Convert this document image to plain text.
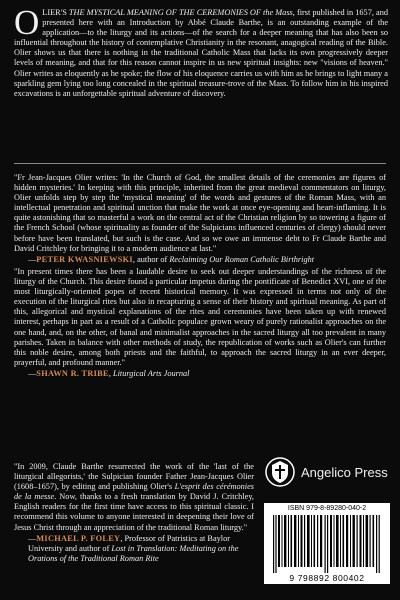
OLIER'S THE MYSTICAL MEANING OF THE CEREMONIES OF the Mass, first published in 1657, and presented here with an Introduction by Abbé Claude Barthe, is an outstanding example of the application—to the liturgy and its actions—of the search for a deeper meaning that has also been so influential throughout the history of contemplative Christianity in the resonant, anagogical reading of the Bible. Olier shows us that there is nothing in the traditional Catholic Mass that lacks its own progressively deeper levels of meaning, and that for this reason cannot inspire in us new spiritual insights: new "visions of heaven." Olier writes as eloquently as he spoke; the flow of his eloquence carries us with him as he brings to light many a sparkling gem lying too long concealed in the spiritual treasure-trove of the Mass. To follow him in his inspired excavations is an unforgettable spiritual adventure of discovery.
"Fr Jean-Jacques Olier writes: 'In the Church of God, the smallest details of the ceremonies are figures of hidden mysteries.' In keeping with this principle, inherited from the great medieval commentators on liturgy, Olier unfolds step by step the 'mystical meaning' of the words and gestures of the Roman Mass, with an intellectual penetration and spiritual unction that make the work at once eye-opening and heart-inflaming. It is quite astonishing that so masterful a work on the central act of the Christian religion by so towering a figure of the French School (whose spirituality as founder of the Sulpicians influenced centuries of clergy) should never before have been translated, but such is the case. And so we owe an immense debt to Fr Claude Barthe and David Critchley for bringing it to a modern audience at last."
—PETER KWASNIEWSKI, author of Reclaiming Our Roman Catholic Birthright
"In present times there has been a laudable desire to seek out deeper understandings of the richness of the liturgy of the Church. This desire found a particular impetus during the pontificate of Benedict XVI, one of the most liturgically-oriented popes of recent historical memory. It was expressed in terms not only of the execution of the liturgical rites but also in recapturing a sense of their history and spiritual meaning. As part of this, allegorical and mystical explanations of the rites and ceremonies have been taken up with renewed interest, perhaps in part as a result of a Catholic populace grown weary of purely rationalist approaches on the one hand, and, on the other, of banal and minimalist approaches in the sacred liturgy all too prevalent in many parishes. Taken in balance with other methods of study, the republication of works such as Olier's can further this noble desire, among both priests and the faithful, to approach the sacred liturgy in an ever deeper, prayerful, and profound manner."
—SHAWN R. TRIBE, Liturgical Arts Journal
"In 2009, Claude Barthe resurrected the work of the 'last of the liturgical allegorists,' the Sulpician founder Father Jean-Jacques Olier (1608–1657), by editing and publishing Olier's L'esprit des cérémonies de la messe. Now, thanks to a fresh translation by David J. Critchley, English readers for the first time have access to this spiritual classic. I recommend this volume to anyone interested in deepening their love of Jesus Christ through an appreciation of the traditional Roman liturgy."
—MICHAEL P. FOLEY, Professor of Patristics at Baylor University and author of Lost in Translation: Meditating on the Orations of the Traditional Roman Rite
Angelico Press
ISBN 979-8-89280-040-2
9 798892 800402
